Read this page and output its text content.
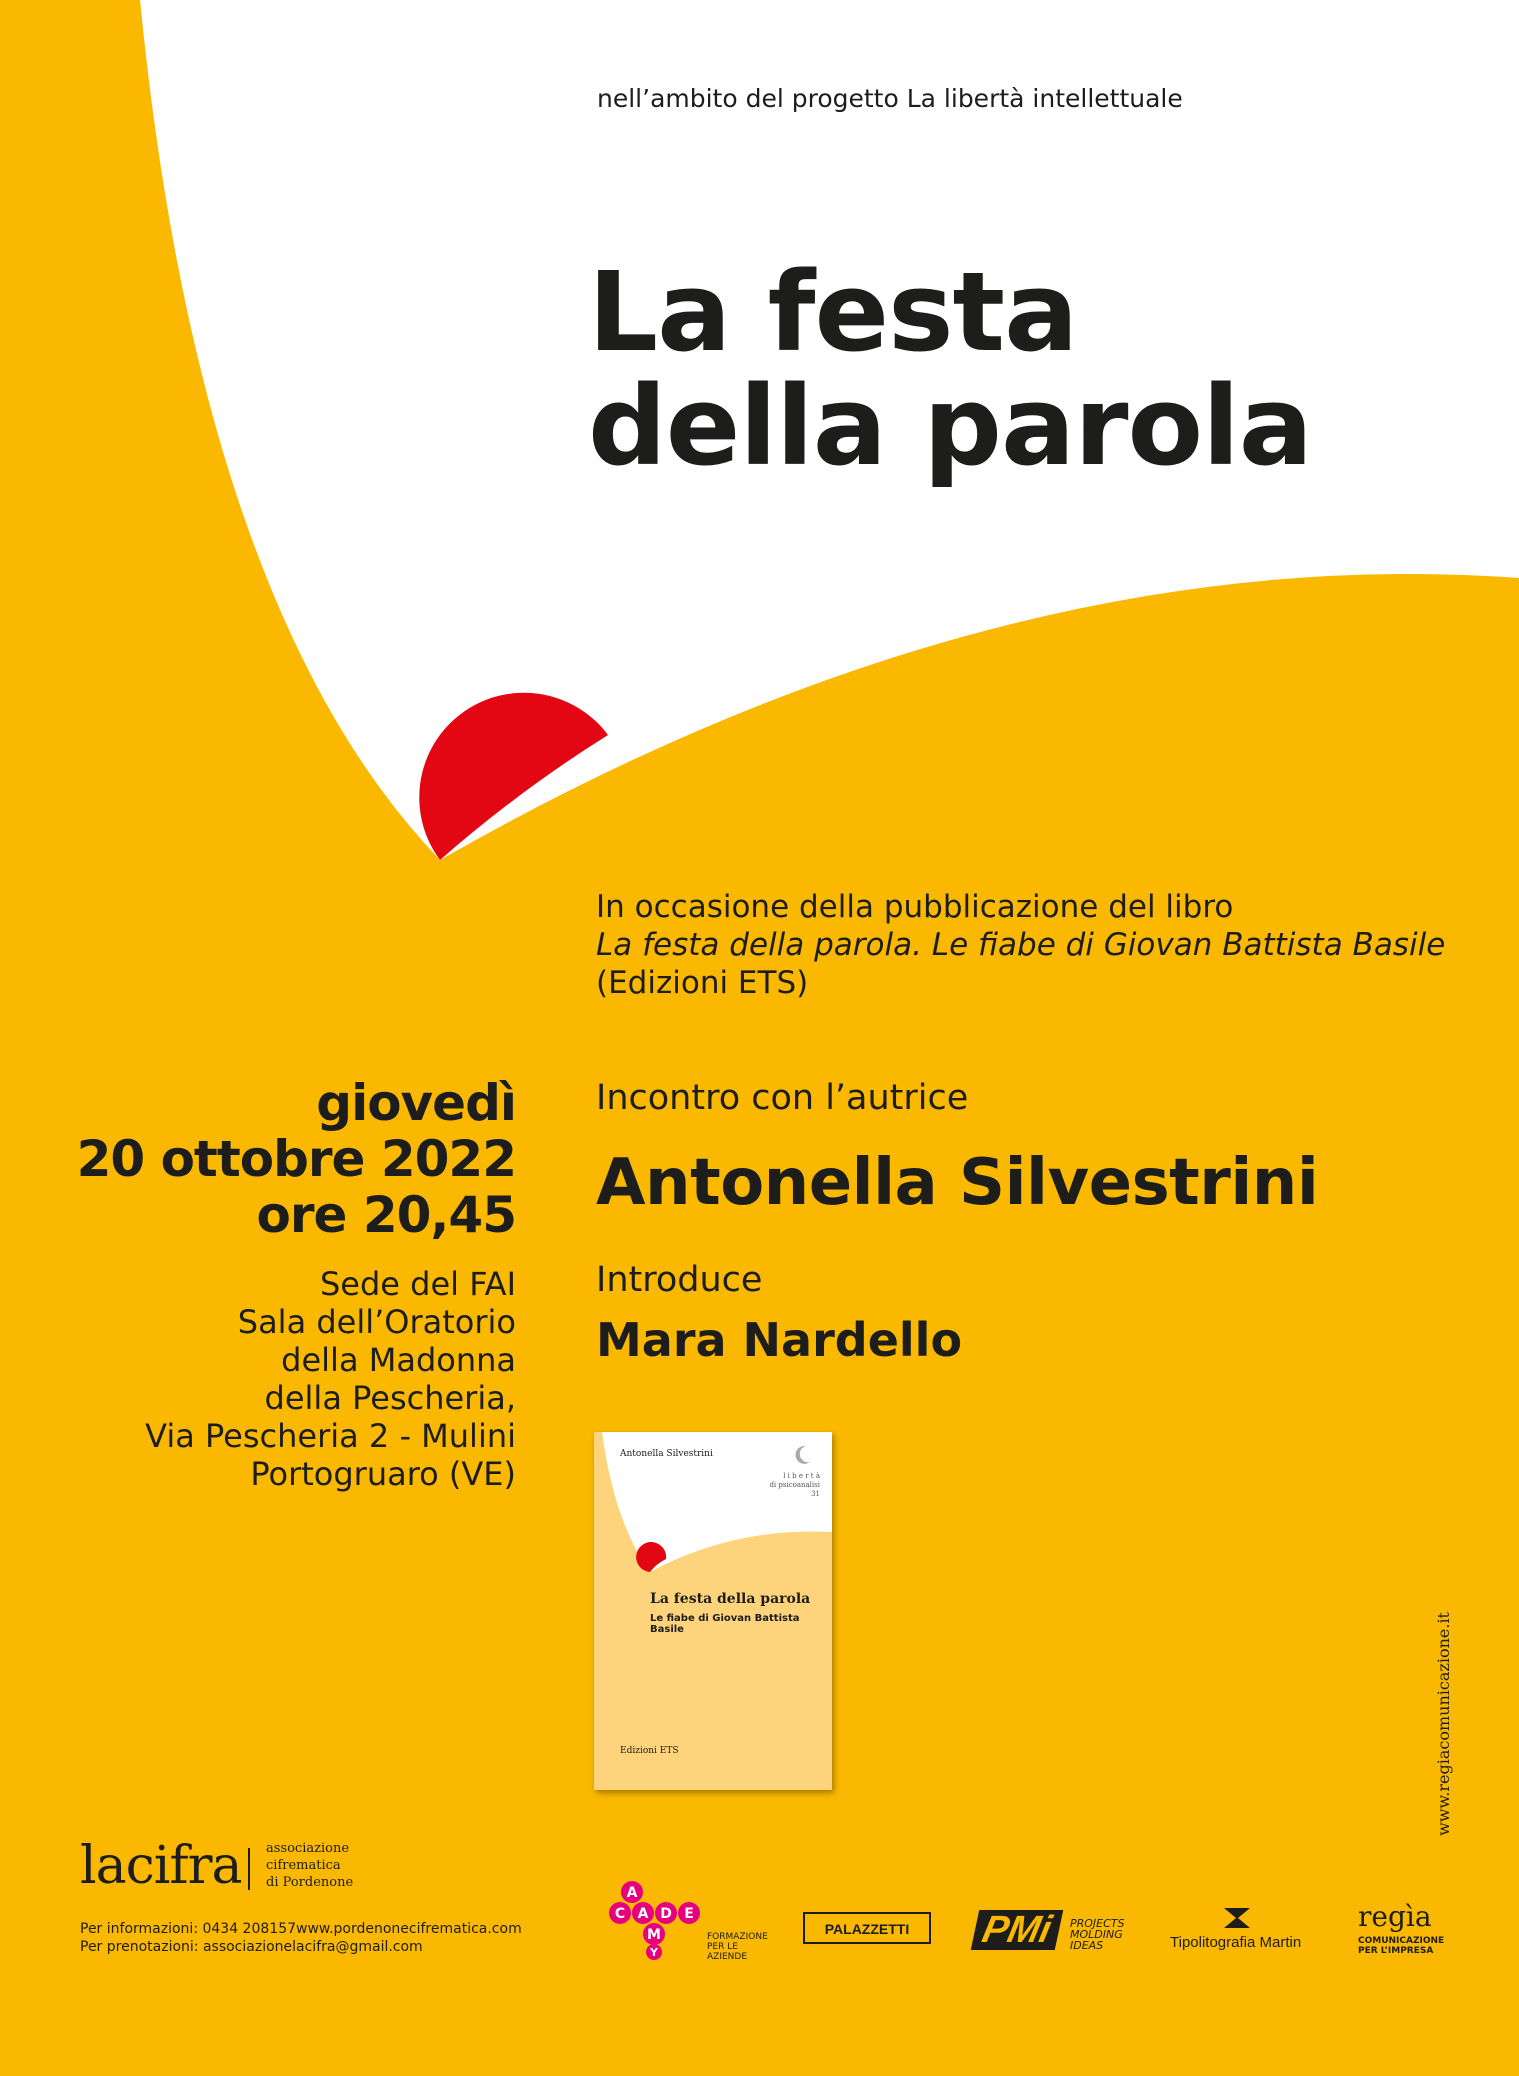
nell’ambito del progetto La libertà intellettuale
La festa
della parola
In occasione della pubblicazione del libro
La festa della parola. Le fiabe di Giovan Battista Basile
(Edizioni ETS)
giovedì
20 ottobre 2022
ore 20,45
Sede del FAI
Sala dell’Oratorio
della Madonna
della Pescheria,
Via Pescheria 2 - Mulini
Portogruaro (VE)
Incontro con l’autrice
Antonella Silvestrini
Introduce
Mara Nardello
Antonella Silvestrini
l i b e r t à
di psicoanalisi
31
La festa della parola
Le fiabe di Giovan Battista Basile
Edizioni ETS	www.regiacomunicazione.it
lacifra associazione
cifrematica
di Pordenone
Per informazioni: 0434 208157www.pordenonecifrematica.com
Per prenotazioni: associazionelacifra@gmail.com
A
C A D E
M
Y
FORMAZIONE
PER LE
AZIENDE
PALAZZETTI	PMi	PROJECTS
MOLDING
IDEAS	Tipolitografia Martin
regìa
COMUNICAZIONE
PER L’IMPRESA
